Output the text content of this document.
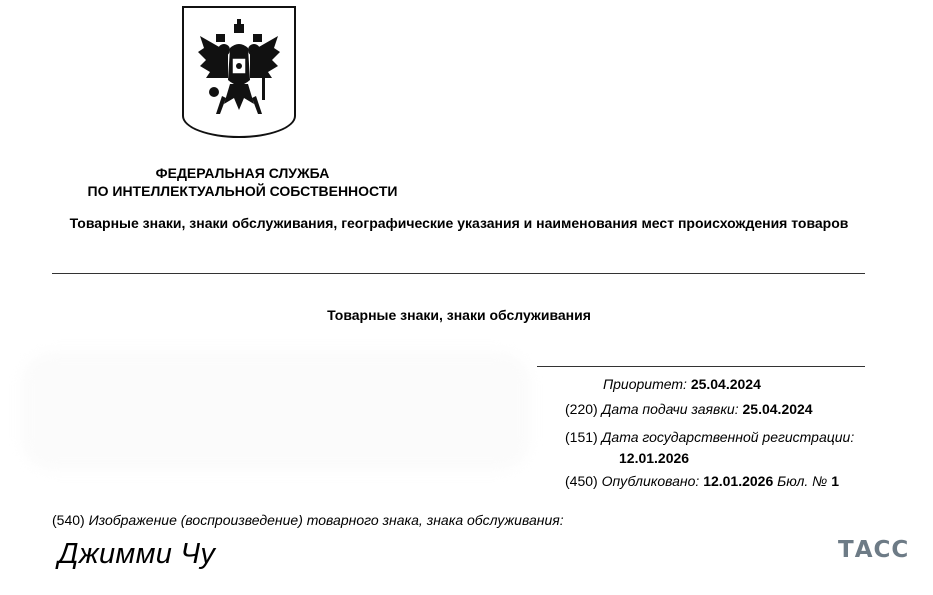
ФЕДЕРАЛЬНАЯ СЛУЖБА
ПО ИНТЕЛЛЕКТУАЛЬНОЙ СОБСТВЕННОСТИ
Товарные знаки, знаки обслуживания, географические указания и наименования мест происхождения товаров
Товарные знаки, знаки обслуживания
Приоритет: 25.04.2024
(220) Дата подачи заявки: 25.04.2024
(151) Дата государственной регистрации:
12.01.2026
(450) Опубликовано: 12.01.2026 Бюл. № 1
(540) Изображение (воспроизведение) товарного знака, знака обслуживания:
Джимми Чу	ТАСС
